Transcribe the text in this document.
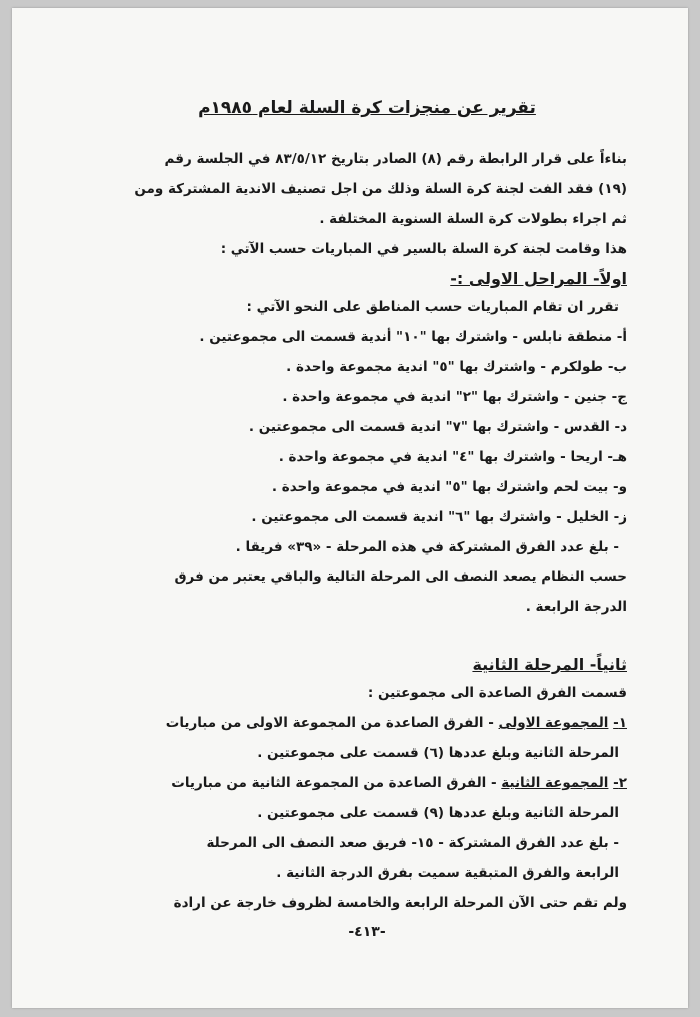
تقرير عن منجزات كرة السلة لعام ١٩٨٥م
بناءاً على قرار الرابطة رقم (٨) الصادر بتاريخ ٨٣/٥/١٢ في الجلسة رقم
(١٩) فقد الفت لجنة كرة السلة وذلك من اجل تصنيف الاندية المشتركة ومن
ثم اجراء بطولات كرة السلة السنوية المختلفة .
هذا وقامت لجنة كرة السلة بالسير في المباريات حسب الآتي :
اولاً- المراحل الاولى :-
تقرر ان تقام المباريات حسب المناطق على النحو الآتي :
أ- منطقة نابلس - واشترك بها "١٠" أندية قسمت الى مجموعتين .
ب- طولكرم - واشترك بها "٥" اندية مجموعة واحدة .
ج- جنين - واشترك بها "٢" اندية في مجموعة واحدة .
د- القدس - واشترك بها "٧" اندية قسمت الى مجموعتين .
هـ- اريحا - واشترك بها "٤" اندية في مجموعة واحدة .
و- بيت لحم واشترك بها "٥" اندية في مجموعة واحدة .
ز- الخليل - واشترك بها "٦" اندية قسمت الى مجموعتين .
- بلغ عدد الفرق المشتركة في هذه المرحلة - «٣٩» فريقا .
حسب النظام يصعد النصف الى المرحلة التالية والباقي يعتبر من فرق
الدرجة الرابعة .
ثانياً- المرحلة الثانية
قسمت الفرق الصاعدة الى مجموعتين :
١- المجموعة الاولى - الفرق الصاعدة من المجموعة الاولى من مباريات
المرحلة الثانية وبلغ عددها (٦) قسمت على مجموعتين .
٢- المجموعة الثانية - الفرق الصاعدة من المجموعة الثانية من مباريات
المرحلة الثانية وبلغ عددها (٩) قسمت على مجموعتين .
- بلغ عدد الفرق المشتركة - ١٥- فريق صعد النصف الى المرحلة
الرابعة والفرق المتبقية سميت بفرق الدرجة الثانية .
ولم تقم حتى الآن المرحلة الرابعة والخامسة لظروف خارجة عن ارادة
-٤١٣-
